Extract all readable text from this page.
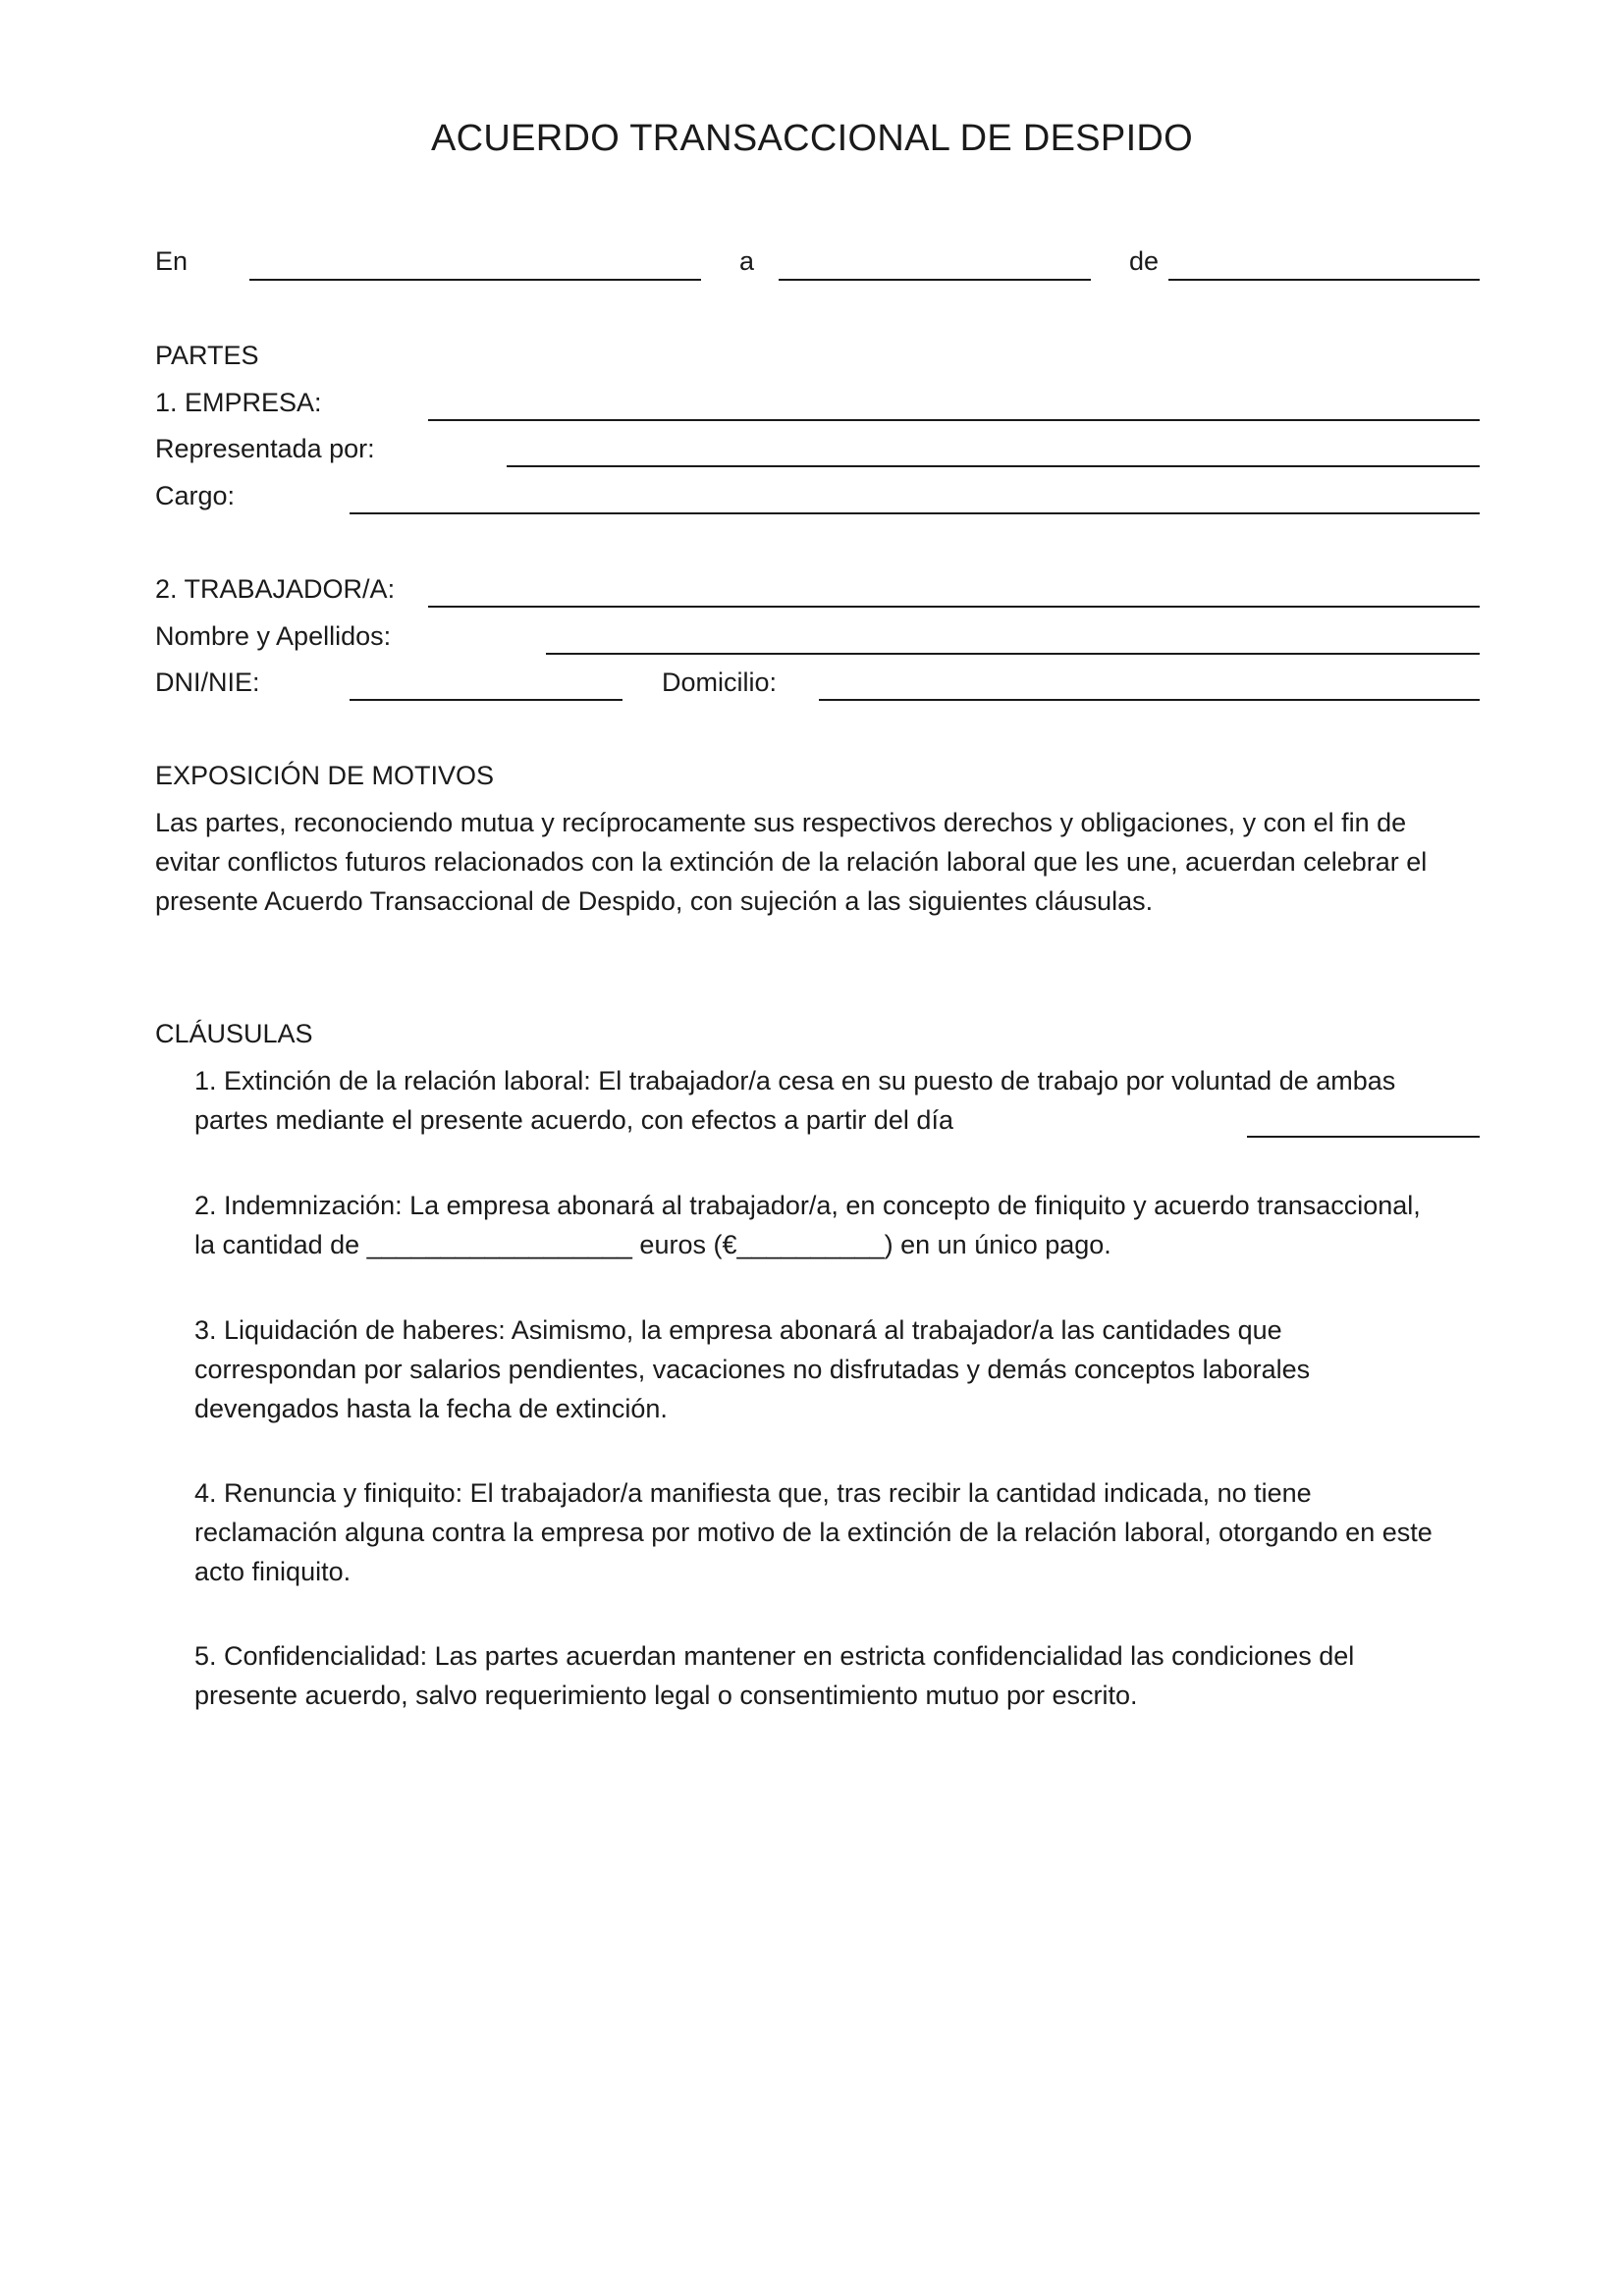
ACUERDO TRANSACCIONAL DE DESPIDO
En	a	de
PARTES
1. EMPRESA:
Representada por:
Cargo:
2. TRABAJADOR/A:
Nombre y Apellidos:
DNI/NIE:	Domicilio:
EXPOSICIÓN DE MOTIVOS
Las partes, reconociendo mutua y recíprocamente sus respectivos derechos y obligaciones, y con el fin de
evitar conflictos futuros relacionados con la extinción de la relación laboral que les une, acuerdan celebrar el
presente Acuerdo Transaccional de Despido, con sujeción a las siguientes cláusulas.
CLÁUSULAS
1. Extinción de la relación laboral: El trabajador/a cesa en su puesto de trabajo por voluntad de ambas
partes mediante el presente acuerdo, con efectos a partir del día
2. Indemnización: La empresa abonará al trabajador/a, en concepto de finiquito y acuerdo transaccional,
la cantidad de __________________ euros (€__________) en un único pago.
3. Liquidación de haberes: Asimismo, la empresa abonará al trabajador/a las cantidades que
correspondan por salarios pendientes, vacaciones no disfrutadas y demás conceptos laborales
devengados hasta la fecha de extinción.
4. Renuncia y finiquito: El trabajador/a manifiesta que, tras recibir la cantidad indicada, no tiene
reclamación alguna contra la empresa por motivo de la extinción de la relación laboral, otorgando en este
acto finiquito.
5. Confidencialidad: Las partes acuerdan mantener en estricta confidencialidad las condiciones del
presente acuerdo, salvo requerimiento legal o consentimiento mutuo por escrito.
